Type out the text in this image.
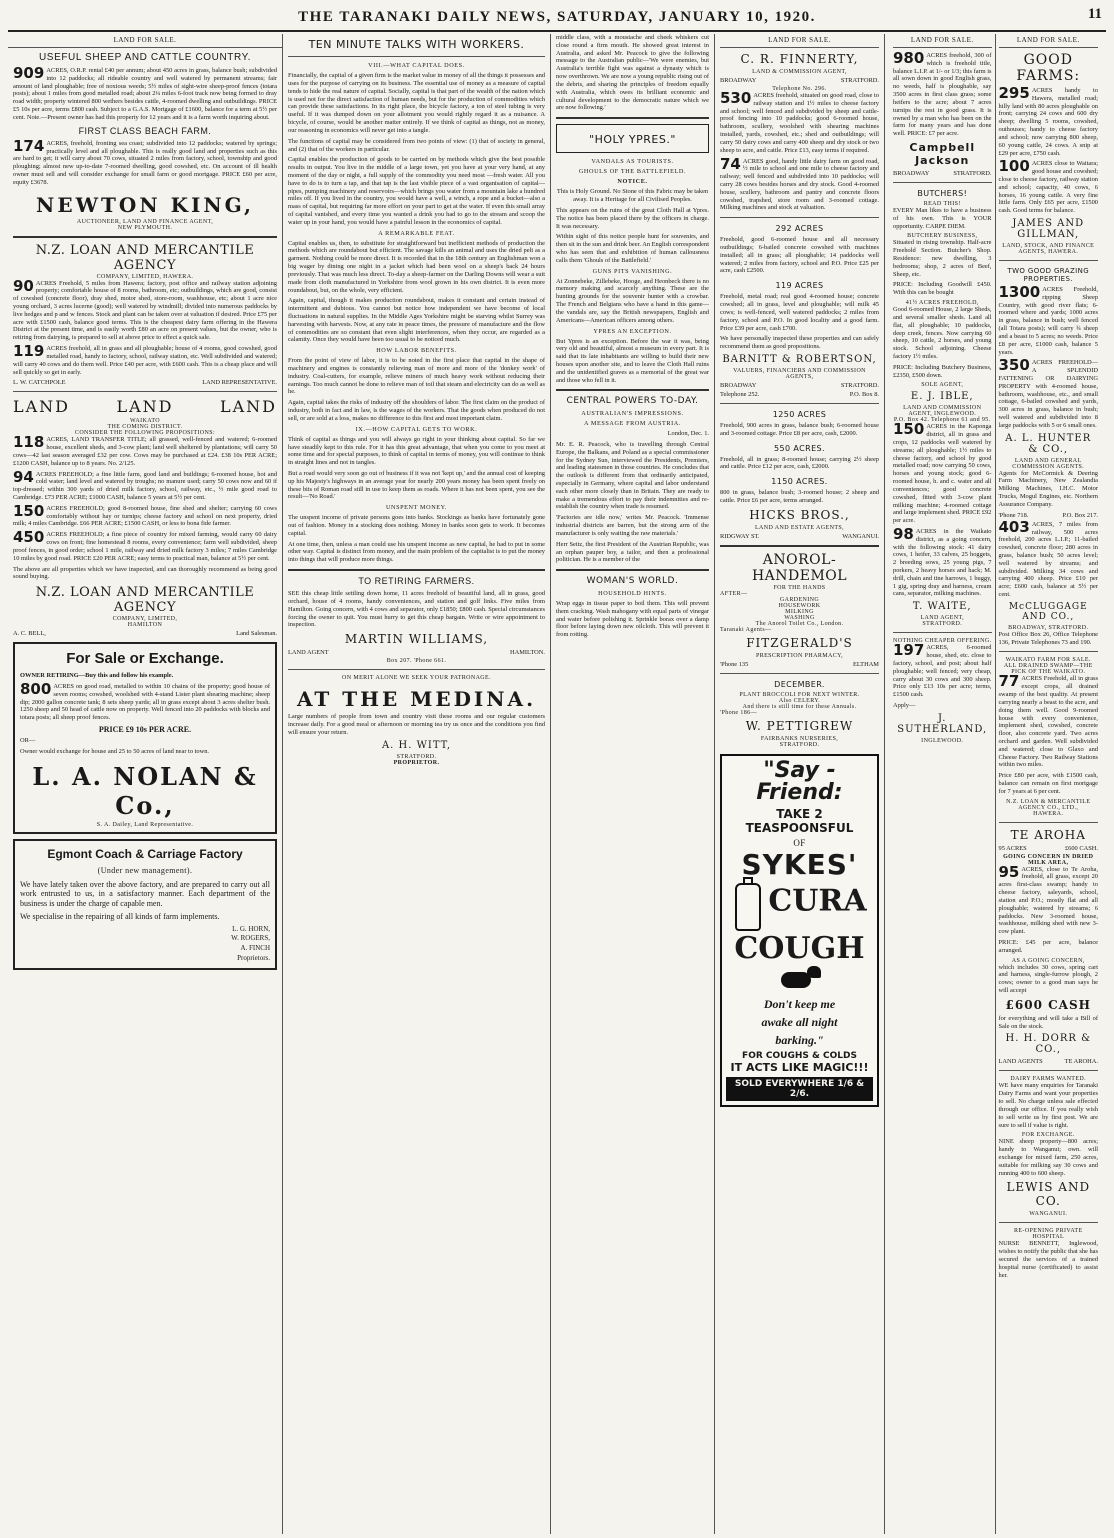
THE TARANAKI DAILY NEWS, SATURDAY, JANUARY 10, 1920.	11
LAND FOR SALE.
USEFUL SHEEP AND CATTLE COUNTRY.

909 ACRES, O.R.P. rental £40 per annum; about 450 acres in grass, balance bush; subdivided into 12 paddocks; all rideable country and well watered by permanent streams; fair amount of land ploughable; free of noxious weeds; 5½ miles of sight-wire sheep-proof fences (totara posts); about 1 miles from good metalled road; about 2¼ miles 6-foot track now being formed to dray road width; property wintered 800 wethers besides cattle, 4-roomed dwelling and outbuildings. PRICE £5 10s per acre, terms £800 cash. Subject to a G.A.S. Mortgage of £1600, balance for a term at 5½ per cent. Note.—Present owner has had this property for 12 years and it is a farm worth inquiring about.

FIRST CLASS BEACH FARM.

174 ACRES, freehold, fronting sea coast; subdivided into 12 paddocks; watered by springs; practically level and all ploughable. This is really good land and properties such as this are hard to get; it will carry about 70 cows, situated 2 miles from factory, school, township and good ploughing; almost new up-to-date 7-roomed dwelling, good cowshed, etc. On account of ill health owner must sell and will consider exchange for small farm or good mortgage. PRICE £60 per acre, equity £3678.

NEWTON KING,
AUCTIONEER, LAND AND FINANCE AGENT,
NEW PLYMOUTH.
N.Z. LOAN AND MERCANTILE AGENCY
COMPANY, LIMITED, HAWERA.

90 ACRES Freehold, 5 miles from Hawera; factory, post office and railway station adjoining property; comfortable house of 8 rooms, bathroom, etc; outbuildings, which are good, consist of cowshed (concrete floor), dray shed, motor shed, store-room, washhouse, etc; about 1 acre nice young orchard, 3 acres lucerne (good); well watered by windmill; divided into numerous paddocks by live hedges and p and w fences. Stock and plant can be taken over at valuation if desired. Price £75 per acre with £1500 cash, balance good terms. This is the cheapest dairy farm offering in the Hawera District at the present time, and is easily worth £80 an acre on present values, but the owner, who is retiring from dairying, is prepared to sell at above price to effect a quick sale.

119 ACRES freehold, all in grass and all ploughable; house of 4 rooms, good cowshed, good metalled road, handy to factory, school, railway station, etc. Well subdivided and watered; will carry 40 cows and do them well. Price £40 per acre, with £600 cash. This is a cheap place and will sell quickly so get in early.

L. W. CATCHPOLE	LAND REPRESENTATIVE.
LAND	LAND	LAND
WAIKATO
THE COMING DISTRICT.
CONSIDER THE FOLLOWING PROPOSITIONS:

118 ACRES, LAND TRANSFER TITLE; all grassed, well-fenced and watered; 6-roomed house, excellent sheds, and 3-cow plant; land well sheltered by plantations; will carry 50 cows—42 last season averaged £32 per cow. Cows may be purchased at £24. £38 10s PER ACRE; £1200 CASH, balance up to 8 years. No. 2/125.

94 ACRES FREEHOLD; a fine little farm, good land and buildings; 6-roomed house, hot and cold water; land level and watered by troughs; no manure used; carry 50 cows now and 60 if top-dressed; within 300 yards of dried milk factory, school, railway, etc., ½ mile good road to Cambridge. £73 PER ACRE; £1000 CASH, balance 5 years at 5½ per cent.

150 ACRES FREEHOLD; good 8-roomed house, fine shed and shelter; carrying 60 cows comfortably without hay or turnips; cheese factory and school on next property, dried milk; 4 miles Cambridge. £66 PER ACRE; £1500 CASH, or less to bona fide farmer.

450 ACRES FREEHOLD; a fine piece of country for mixed farming, would carry 60 dairy cows on front; fine homestead 8 rooms, every convenience; farm well subdivided, sheep proof fences, in good order; school 1 mile, railway and dried milk factory 3 miles; 7 miles Cambridge 10 miles by good road. PRICE £20 PER ACRE; easy terms to practical man, balance at 5½ per cent.

The above are all properties which we have inspected, and can thoroughly recommend as being good sound buying.

N.Z. LOAN AND MERCANTILE AGENCY
COMPANY, LIMITED,
HAMILTON
A. C. BELL,	Land Salesman.
For Sale or Exchange.

OWNER RETIRING—Buy this and follow his example.

800 ACRES on good road, metalled to within 10 chains of the property; good house of seven rooms; cowshed, woolshed with 4-stand Lister plant shearing machine; sheep dip; 2000 gallon concrete tank; 8 sets sheep yards; all in grass except about 3 acres shelter bush. 1250 sheep and 50 head of cattle now on property. Well fenced into 20 paddocks with blocks and totara posts; all sheep proof fences.

PRICE £9 10s PER ACRE.

OR—

Owner would exchange for house and 25 to 50 acres of land near to town.

L. A. NOLAN & Co.,
S. A. Dailey, Land Representative.
Egmont Coach & Carriage Factory
(Under new management).

We have lately taken over the above factory, and are prepared to carry out all work entrusted to us, in a satisfactory manner. Each department of the business is under the charge of capable men.

We specialise in the repairing of all kinds of farm implements.

L. G. HORN,
W. ROGERS,
A. FINCH
Proprietors.
TEN MINUTE TALKS WITH WORKERS.
VIII.—WHAT CAPITAL DOES.

Financially, the capital of a given firm is the market value in money of all the things it possesses and uses for the purpose of carrying on its business. The essential use of money as a measure of capital tends to hide the real nature of capital. Socially, capital is that part of the wealth of the nation which is used not for the direct satisfaction of human needs, but for the production of commodities which can provide these satisfactions. In its right place, the bicycle factory, a ton of steel tubing is very useful. If it was dumped down on your allotment you would rightly regard it as a nuisance. A bicycle, of course, would be another matter entirely. If we think of capital as things, not as money, our reasoning in economics will never get into a tangle.

The functions of capital may be considered from two points of view: (1) that of society in general, and (2) that of the workers in particular.

Capital enables the production of goods to be carried on by methods which give the best possible results in output. You live in the middle of a large town, yet you have at your very hand, at any moment of the day or night, a full supply of the commodity you need most —fresh water. All you have to do is to turn a tap, and that tap is the last visible piece of a vast organisation of capital—pipes, pumping machinery and reservoirs—which brings you water from a mountain lake a hundred miles off. If you lived in the country, you would have a well, a winch, a rope and a bucket—also a mass of capital, but requiring far more effort on your part to get at the water. If even this small array of capital vanished, and every time you wanted a drink you had to go to the stream and scoop the water up in your hand, you would have a painful lesson in the economics of capital.

A REMARKABLE FEAT.

Capital enables us, then, to substitute for straightforward but inefficient methods of production the methods which are roundabout but efficient. The savage kills an animal and uses the dried pelt as a garment. Nothing could be more direct. It is recorded that in the 18th century an Englishman won a big wager by dining one night in a jacket which had been wool on a sheep's back 24 hours previously. That was much less direct. To-day a sheep-farmer on the Darling Downs will wear a suit made from cloth manufactured in Yorkshire from wool grown in his own district. It is even more roundabout, but, on the whole, very efficient.

Again, capital, though it makes production roundabout, makes it constant and certain instead of intermittent and dubious. You cannot but notice how independent we have become of local fluctuations in natural supplies. In the Middle Ages Yorkshire might be starving whilst Surrey was harvesting with harvests. Now, at any rate in peace times, the pressure of manufacture and the flow of commodities are so constant that even slight interferences, when they occur, are regarded as a calamity. Once they would have been too usual to be noticed much.

HOW LABOR BENEFITS.

From the point of view of labor, it is to be noted in the first place that capital in the shape of machinery and engines is constantly relieving man of more and more of the 'donkey work' of industry. Coal-cutters, for example, relieve miners of much heavy work without reducing their earnings. Too much cannot be done to relieve man of toil that steam and electricity can do as well as he.

Again, capital takes the risks of industry off the shoulders of labor. The first claim on the product of industry, both in fact and in law, is the wages of the workers. That the goods when produced do not sell, or are sold at a loss, makes no difference to this first and most important claim.

IX.—HOW CAPITAL GETS TO WORK.

Think of capital as things and you will always go right in your thinking about capital. So far we have steadily kept to this rule. For it has this great advantage, that when you come to you meet at some time and for special purposes, to think of capital in terms of money, you will continue to think in straight lines and not in tangles.

But a road would very soon go out of business if it was not 'kept up,' and the annual cost of keeping up his Majesty's highways in an average year for nearly 200 years money has been spent freely on these bits of Roman road still in use to keep them as roads. Where it has not been spent, you see the result—'No Road.'

UNSPENT MONEY.

The unspent income of private persons goes into banks. Stockings as banks have fortunately gone out of fashion. Money in a stocking does nothing. Money in banks soon gets to work. It becomes capital.

At one time, then, unless a man could use his unspent income as new capital, he had to put in some other way. Capital is distinct from money, and the main problem of the capitalist is to put the money into things that will produce more things.

TO RETIRING FARMERS.

SEE this cheap little settling down home, 11 acres freehold of beautiful land, all in grass, good orchard, house of 4 rooms, handy conveniences, and station and golf links. Five miles from Hamilton. Going concern, with 4 cows and separator, only £1850; £800 cash. Special circumstances forcing the owner to quit. You must hurry to get this cheap bargain. Write or wire appointment to inspection.

MARTIN WILLIAMS,
LAND AGENT	HAMILTON.
Box 207. 'Phone 661.
ON MERIT ALONE WE SEEK YOUR PATRONAGE.
AT THE MEDINA.

Large numbers of people from town and country visit these rooms and our regular customers increase daily. For a good meal or afternoon or morning tea try us once and the conditions you find will ensure your return.

A. H. WITT,
STRATFORD.
PROPRIETOR.

middle class, with a moustache and cheek whiskers cut close round a firm mouth. He showed great interest in Australia, and asked Mr. Peacock to give the following message to the Australian public—'We were enemies, but Australia's terrible fight was against a dynasty which is now overthrown. We are now a young republic rising out of the debris, and sharing the principles of freedom equally with Australia, which owes its brilliant economic and cultural development to the democratic nature which we are now following.'

"HOLY YPRES."
VANDALS AS TOURISTS.
GHOULS OF THE BATTLEFIELD.
NOTICE.

This is Holy Ground. No Stone of this Fabric may be taken away. It is a Heritage for all Civilised Peoples.

This appears on the ruins of the great Cloth Hall at Ypres. The notice has been placed there by the officers in charge. It was necessary.

Within sight of this notice people hunt for souvenirs, and then sit in the sun and drink beer. An English correspondent who has seen that and exhibition of human callousness calls them 'Ghouls of the Battlefield.'

GUNS PITS VANISHING.

At Zonnebeke, Zillebeke, Hooge, and Heonbeck there is no memory making and scarcely anything. These are the hunting grounds for the souvenir hunter with a crowbar. The French and Belgians who have a hand in this game—the vandals are, say the British newspapers, English and Americans—American officers among others.

YPRES AN EXCEPTION.

But Ypres is an exception. Before the war it was, being very old and beautiful, almost a museum in every part. It is said that its late inhabitants are willing to build their new houses upon another site, and to leave the Cloth Hall ruins and the unidentified graves as a memorial of the great war and those who fell in it.

CENTRAL POWERS TO-DAY.
AUSTRALIAN'S IMPRESSIONS.
A MESSAGE FROM AUSTRIA.

London, Dec. 1.

Mr. E. R. Peacock, who is travelling through Central Europe, the Balkans, and Poland as a special commissioner for the Sydney Sun, interviewed the Presidents, Premiers, and leading statesmen in those countries. He concludes that the outlook is different from that ordinarily anticipated, especially in Germany, where capital and labor understand each other more closely than in Britain. They are ready to make a tremendous effort to pay their indemnities and re-establish the country when trade is resumed.

'Factories are idle now,' writes Mr. Peacock. 'Immense industrial districts are barren, but the strong arm of the manufacturer is only waiting the raw materials.'

Herr Seitz, the first President of the Austrian Republic, was an orphan pauper boy, a tailor, and then a professional politician. He is a member of the

WOMAN'S WORLD.
HOUSEHOLD HINTS.

Wrap eggs in tissue paper to boil them. This will prevent them cracking. Wash mahogany with equal parts of vinegar and water before polishing it. Sprinkle borax over a damp floor before laying down new oilcloth. This will prevent it from rotting.

LAND FOR SALE.
C. R. FINNERTY,
LAND & COMMISSION AGENT,
BROADWAY	STRATFORD.
Telephone No. 296.

530 ACRES freehold, situated on good road, close to railway station and 1½ miles to cheese factory and school; well fenced and subdivided by sheep and cattle-proof fencing into 10 paddocks; good 6-roomed house, bathroom, scullery, woolshed with shearing machines installed, yards, cowshed, etc.; shed and outbuildings; will carry 50 dairy cows and carry 400 sheep and dry stock or two sheep to acre, and cattle. Price £13, easy terms if required.

74 ACRES good, handy little dairy farm on good road, ½ mile to school and one mile to cheese factory and railway; well fenced and subdivided into 10 paddocks; will carry 28 cows besides horses and dry stock. Good 4-roomed house, scullery, bathroom and pantry and concrete floors cowshed, trapshed, store room and 3-roomed cottage. Milking machines and stock at valuation.

292 ACRES

Freehold, good 6-roomed house and all necessary outbuildings; 6-bailed concrete cowshed with machines installed; all in grass; all ploughable; 14 paddocks well watered; 2 miles from factory, school and P.O. Price £25 per acre, cash £2500.

119 ACRES

Freehold, metal road; real good 4-roomed house; concrete cowshed; all in grass, level and ploughable; will milk 45 cows; is well-fenced, well watered paddocks; 2 miles from factory, school and P.O. In good locality and a good farm. Price £39 per acre, cash £700.

We have personally inspected these properties and can safely recommend them as good propositions.

BARNITT & ROBERTSON,
VALUERS, FINANCIERS AND COMMISSION AGENTS,
BROADWAY	STRATFORD.
Telephone 252.	P.O. Box 8.
1250 ACRES

Freehold, 900 acres in grass, balance bush; 6-roomed house and 3-roomed cottage. Price £8 per acre, cash, £2000.

550 ACRES.

Freehold, all in grass; 8-roomed house; carrying 2½ sheep and cattle. Price £12 per acre, cash, £2000.

1150 ACRES.

800 in grass, balance bush; 3-roomed house; 2 sheep and cattle. Price £6 per acre, terms arranged.

HICKS BROS.,
LAND AND ESTATE AGENTS,
RIDGWAY ST.	WANGANUI.
ANOROL-HANDEMOL
FOR THE HANDS
AFTER—
GARDENING
HOUSEWORK
MILKING
WASHING
The Anorol Toilet Co., London.
Taranaki Agents—
FITZGERALD'S
PRESCRIPTION PHARMACY,
'Phone 135	ELTHAM
DECEMBER.
PLANT BROCCOLI FOR NEXT WINTER.
Also CELERY.
And there is still time for these Annuals.
'Phone 186—
W. PETTIGREW
FAIRBANKS NURSERIES,
STRATFORD.
"Say - Friend:
TAKE 2 TEASPOONSFUL
OF
SYKES'
CURA COUGH
Don't keep me
awake all night
barking."
FOR COUGHS & COLDS
IT ACTS LIKE MAGIC!!!
SOLD EVERYWHERE 1/6 & 2/6.
LAND FOR SALE.

980 ACRES freehold, 300 of which is freehold title, balance L.I.P. at 1/- or 1/3; this farm is all sown down in good English grass, no weeds, half is ploughable, say 3500 acres in first class grass; some heifers to the acre; about 7 acres turnips the rest in good grass. It is owned by a man who has been on the farm for many years and has done well. PRICE: £7 per acre.

Campbell Jackson
BROADWAY	STRATFORD.
BUTCHERS!
READ THIS!

EVERY Man likes to have a business of his own. This is YOUR opportunity. CARPE DIEM.

BUTCHERY BUSINESS,

Situated in rising township. Half-acre Freehold Section. Butcher's Shop. Residence: new dwelling, 3 bedrooms; shop, 2 acres of Beef, Sheep, etc.

PRICE: Including Goodwill £450. With this can be bought

41½ ACRES FREEHOLD,

Good 6-roomed House, 2 large Sheds, and several smaller sheds. Land all flat, all ploughable; 10 paddocks, deep creek, fences. Now carrying 60 sheep, 10 cattle, 2 horses, and young stock. School adjoining. Cheese factory 1½ miles.

PRICE: Including Butchery Business, £2350, £500 down.

SOLE AGENT,
E. J. IBLE,
LAND AND COMMISSION AGENT, INGLEWOOD.
P.O. Box 42. Telephone 61 and 95.

150 ACRES in the Kaponga district, all in grass and crops, 12 paddocks well watered by streams; all ploughable; 1½ miles to cheese factory, and school by good metalled road; now carrying 50 cows, horses and young stock; good 6-roomed house, h. and c. water and all conveniences; good concrete cowshed, fitted with 3-cow plant milking machine; 4-roomed cottage and large implement shed. PRICE £92 per acre.

98 ACRES in the Waikato district, as a going concern, with the following stock: 41 dairy cows, 1 heifer, 33 calves, 25 hoggets, 2 breeding sows, 25 young pigs, 7 porkers, 2 heavy horses and hack; M. drill, chain and tine harrows, 1 buggy, 1 gig, spring dray and harness, cream cans, separator, milking machines.

T. WAITE,
LAND AGENT,
STRATFORD.
NOTHING CHEAPER OFFERING.

197 ACRES, 6-roomed house, shed, etc. close to factory, school, and post; about half ploughable; well fenced; very cheap, carry about 30 cows and 300 sheep. Price only £13 10s per acre; terms, £1500 cash.

Apply—

J. SUTHERLAND,
INGLEWOOD.
LAND FOR SALE.
GOOD FARMS:

295 ACRES handy to Hawera, metalled road; hilly land with 80 acres ploughable on front; carrying 24 cows and 600 dry sheep; dwelling 5 rooms, cowshed, outhouses; handy to cheese factory and school; now carrying 800 sheep, 60 young cattle, 24 cows. A snip at £29 per acre, £750 cash.

100 ACRES close to Waitara; good house and cowshed; close to cheese factory, railway station and school; capacity, 40 cows, 6 horses, 16 young cattle. A very fine little farm. Only £65 per acre, £1500 cash. Good terms for balance.

JAMES AND GILLMAN,
LAND, STOCK, AND FINANCE AGENTS, HAWERA.
TWO GOOD GRAZING PROPERTIES.

1300 ACRES Freehold, ripping Sheep Country, with good river flats; 6-roomed where and yards; 1000 acres in grass, balance in bush; well fenced (all Totara posts); will carry ¾ sheep and a beast to 5 acres; no weeds. Price £8 per acre, £1000 cash, balance 5 years.

350 ACRES FREEHOLD—A SPLENDID FATTENING OR DAIRYING PROPERTY with 4-roomed house, bathroom, washhouse, etc., and small cottage, 6-bailed cowshed and yards, 300 acres in grass, balance in bush; well watered and subdivided into 8 large paddocks with 5 or 6 small ones.

A. L. HUNTER & CO.,
LAND AND GENERAL COMMISSION AGENTS.

Agents for McCormick & Deering Farm Machinery, New Zealandia Milking Machines, I.H.C. Motor Trucks, Mogul Engines, etc. Northern Assurance Company.

'Phone 718.	P.O. Box 217.

403 ACRES, 7 miles from railway, 500 acres freehold, 200 acres L.I.P.; 11-bailed cowshed, concrete floor; 280 acres in grass, balance bush; 50 acres level; well watered by streams; and subdivided. Milking 34 cows and carrying 400 sheep. Price £10 per acre; £600 cash, balance at 5½ per cent.

McCLUGGAGE AND CO.,
BROADWAY, STRATFORD.

Post Office Box 26, Office Telephone 136, Private Telephones 73 and 190.

WAIKATO FARM FOR SALE.
ALL DRAINED SWAMP—THE PICK OF THE WAIKATO.

77 ACRES Freehold, all in grass except crops, all drained swamp of the best quality. At present carrying nearly a beast to the acre, and doing them well. Good 9-roomed house with every convenience, implement shed, cowshed, concrete floor, also concrete yard. Two acres orchard and garden. Well subdivided and watered; close to Glaxo and Cheese Factory. Two Railway Stations within two miles.

Price £80 per acre, with £1500 cash, balance can remain on first mortgage for 7 years at 6 per cent.

N.Z. LOAN & MERCANTILE AGENCY CO., LTD.,
HAWERA.
TE AROHA
95 ACRES	£600 CASH.
GOING CONCERN IN DRIED MILK AREA,

95 ACRES, close to Te Aroha, freehold, all grass, except 20 acres first-class swamp; handy to cheese factory, saleyards, school, station and P.O.; mostly flat and all ploughable; watered by streams; 6 paddocks. New 3-roomed house, washhouse, milking shed with new 3-cow plant.

PRICE: £45 per acre, balance arranged.

AS A GOING CONCERN,

which includes 30 cows, spring cart and harness, single-furrow plough, 2 cows; owner to a good man says he will accept

£600 CASH

for everything and will take a Bill of Sale on the stock.

H. H. DORR & CO.,
LAND AGENTS	TE AROHA.
DAIRY FARMS WANTED.

WE have many enquiries for Taranaki Dairy Farms and want your properties to sell. No charge unless sale effected through our office. If you really wish to sell write us by first post. We are sure to sell if value is right.

FOR EXCHANGE.

NINE sheep property—800 acres; handy to Wanganui; own. will exchange for mixed farm, 250 acres, suitable for milking say 30 cows and running 400 to 600 sheep.

LEWIS AND CO.
WANGANUI.
RE-OPENING PRIVATE HOSPITAL

NURSE BENNETT, Inglewood, wishes to notify the public that she has secured the services of a trained hospital nurse (certificated) to assist her.
